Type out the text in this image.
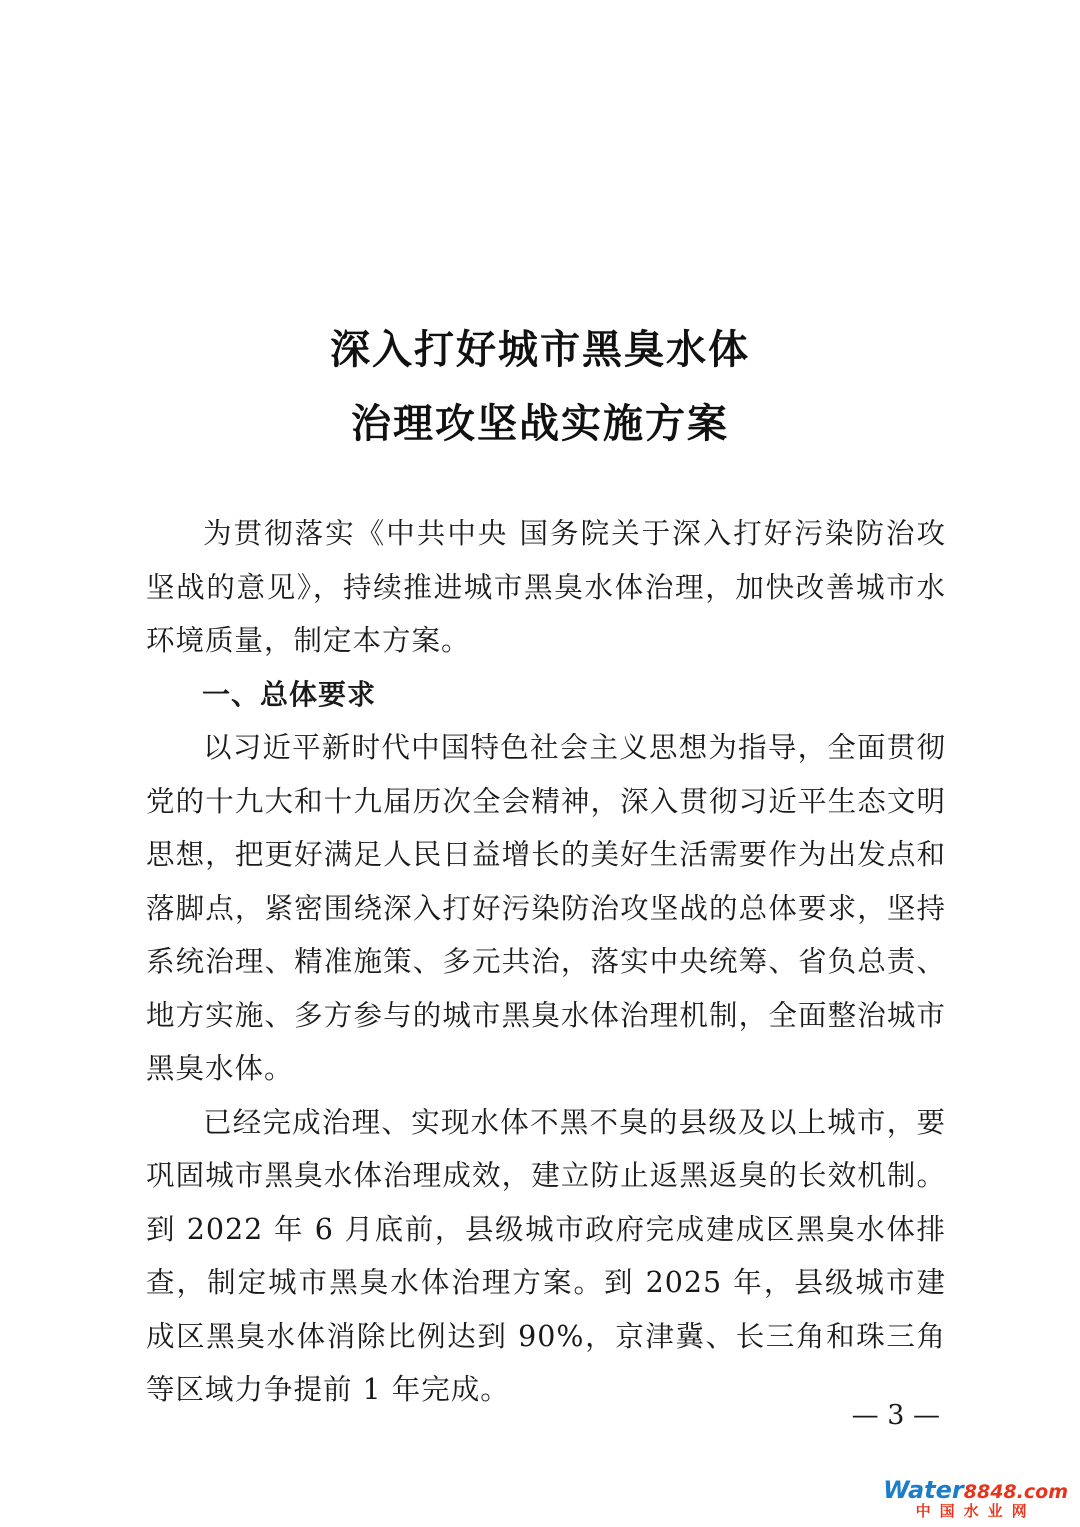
深入打好城市黑臭水体
治理攻坚战实施方案

为贯彻落实《中共中央 国务院关于深入打好污染防治攻坚战的意见》，持续推进城市黑臭水体治理，加快改善城市水环境质量，制定本方案。

一、总体要求

以习近平新时代中国特色社会主义思想为指导，全面贯彻党的十九大和十九届历次全会精神，深入贯彻习近平生态文明思想，把更好满足人民日益增长的美好生活需要作为出发点和落脚点，紧密围绕深入打好污染防治攻坚战的总体要求，坚持系统治理、精准施策、多元共治，落实中央统筹、省负总责、地方实施、多方参与的城市黑臭水体治理机制，全面整治城市黑臭水体。

已经完成治理、实现水体不黑不臭的县级及以上城市，要巩固城市黑臭水体治理成效，建立防止返黑返臭的长效机制。到 2022 年 6 月底前，县级城市政府完成建成区黑臭水体排查，制定城市黑臭水体治理方案。到 2025 年，县级城市建成区黑臭水体消除比例达到 90%，京津冀、长三角和珠三角等区域力争提前 1 年完成。

— 3 —
Water8848.com
中国水业网
